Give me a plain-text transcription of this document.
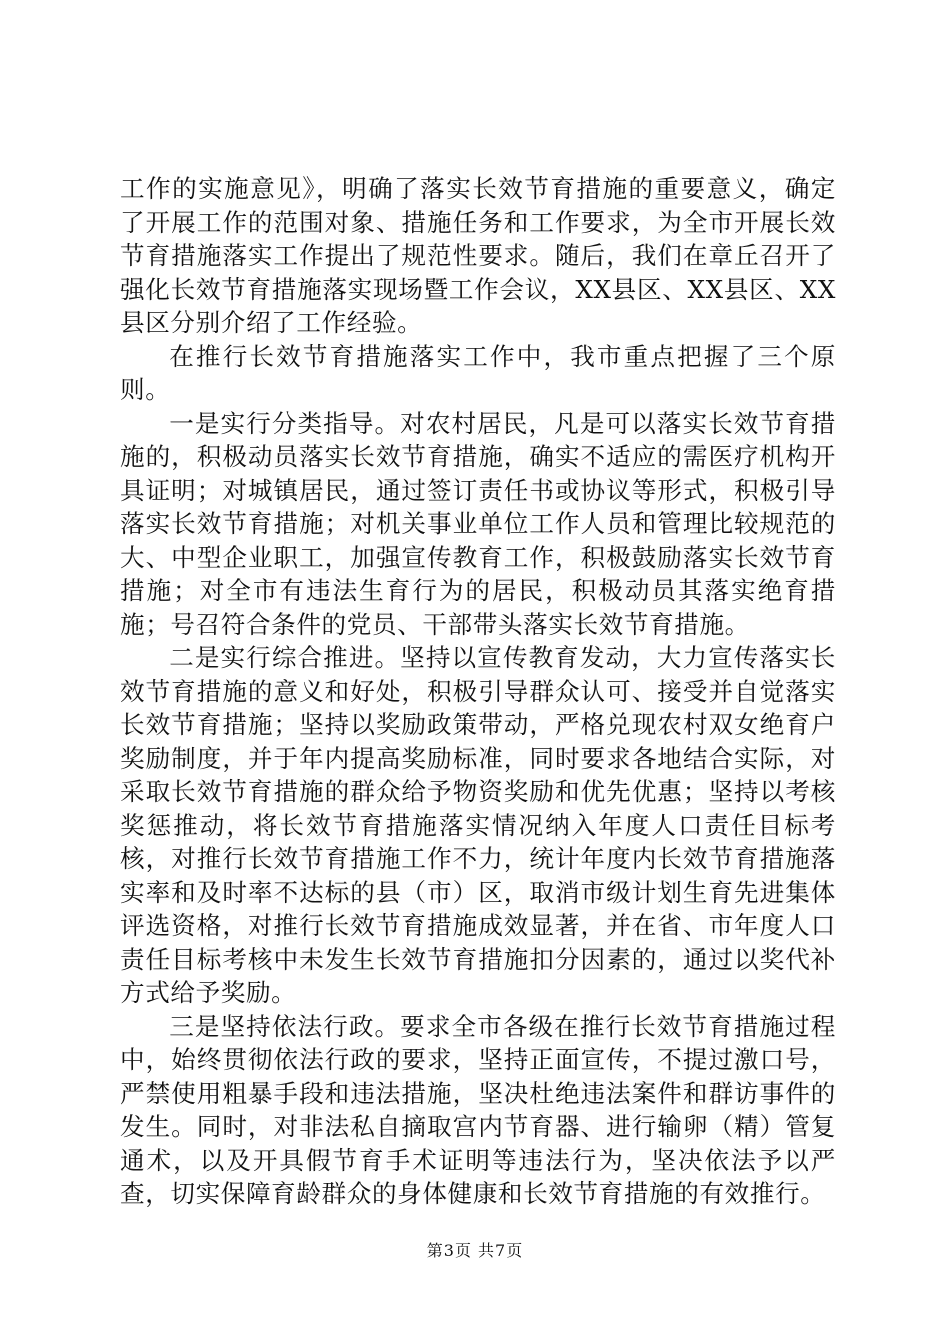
工作的实施意见》，明确了落实长效节育措施的重要意义，确定了开展工作的范围对象、措施任务和工作要求，为全市开展长效节育措施落实工作提出了规范性要求。随后，我们在章丘召开了强化长效节育措施落实现场暨工作会议，XX县区、XX县区、XX县区分别介绍了工作经验。

在推行长效节育措施落实工作中，我市重点把握了三个原则。

一是实行分类指导。对农村居民，凡是可以落实长效节育措施的，积极动员落实长效节育措施，确实不适应的需医疗机构开具证明；对城镇居民，通过签订责任书或协议等形式，积极引导落实长效节育措施；对机关事业单位工作人员和管理比较规范的大、中型企业职工，加强宣传教育工作，积极鼓励落实长效节育措施；对全市有违法生育行为的居民，积极动员其落实绝育措施；号召符合条件的党员、干部带头落实长效节育措施。

二是实行综合推进。坚持以宣传教育发动，大力宣传落实长效节育措施的意义和好处，积极引导群众认可、接受并自觉落实长效节育措施；坚持以奖励政策带动，严格兑现农村双女绝育户奖励制度，并于年内提高奖励标准，同时要求各地结合实际，对采取长效节育措施的群众给予物资奖励和优先优惠；坚持以考核奖惩推动，将长效节育措施落实情况纳入年度人口责任目标考核，对推行长效节育措施工作不力，统计年度内长效节育措施落实率和及时率不达标的县（市）区，取消市级计划生育先进集体评选资格，对推行长效节育措施成效显著，并在省、市年度人口责任目标考核中未发生长效节育措施扣分因素的，通过以奖代补方式给予奖励。

三是坚持依法行政。要求全市各级在推行长效节育措施过程中，始终贯彻依法行政的要求，坚持正面宣传，不提过激口号，严禁使用粗暴手段和违法措施，坚决杜绝违法案件和群访事件的发生。同时，对非法私自摘取宫内节育器、进行输卵（精）管复通术，以及开具假节育手术证明等违法行为，坚决依法予以严查，切实保障育龄群众的身体健康和长效节育措施的有效推行。

第3页 共7页
